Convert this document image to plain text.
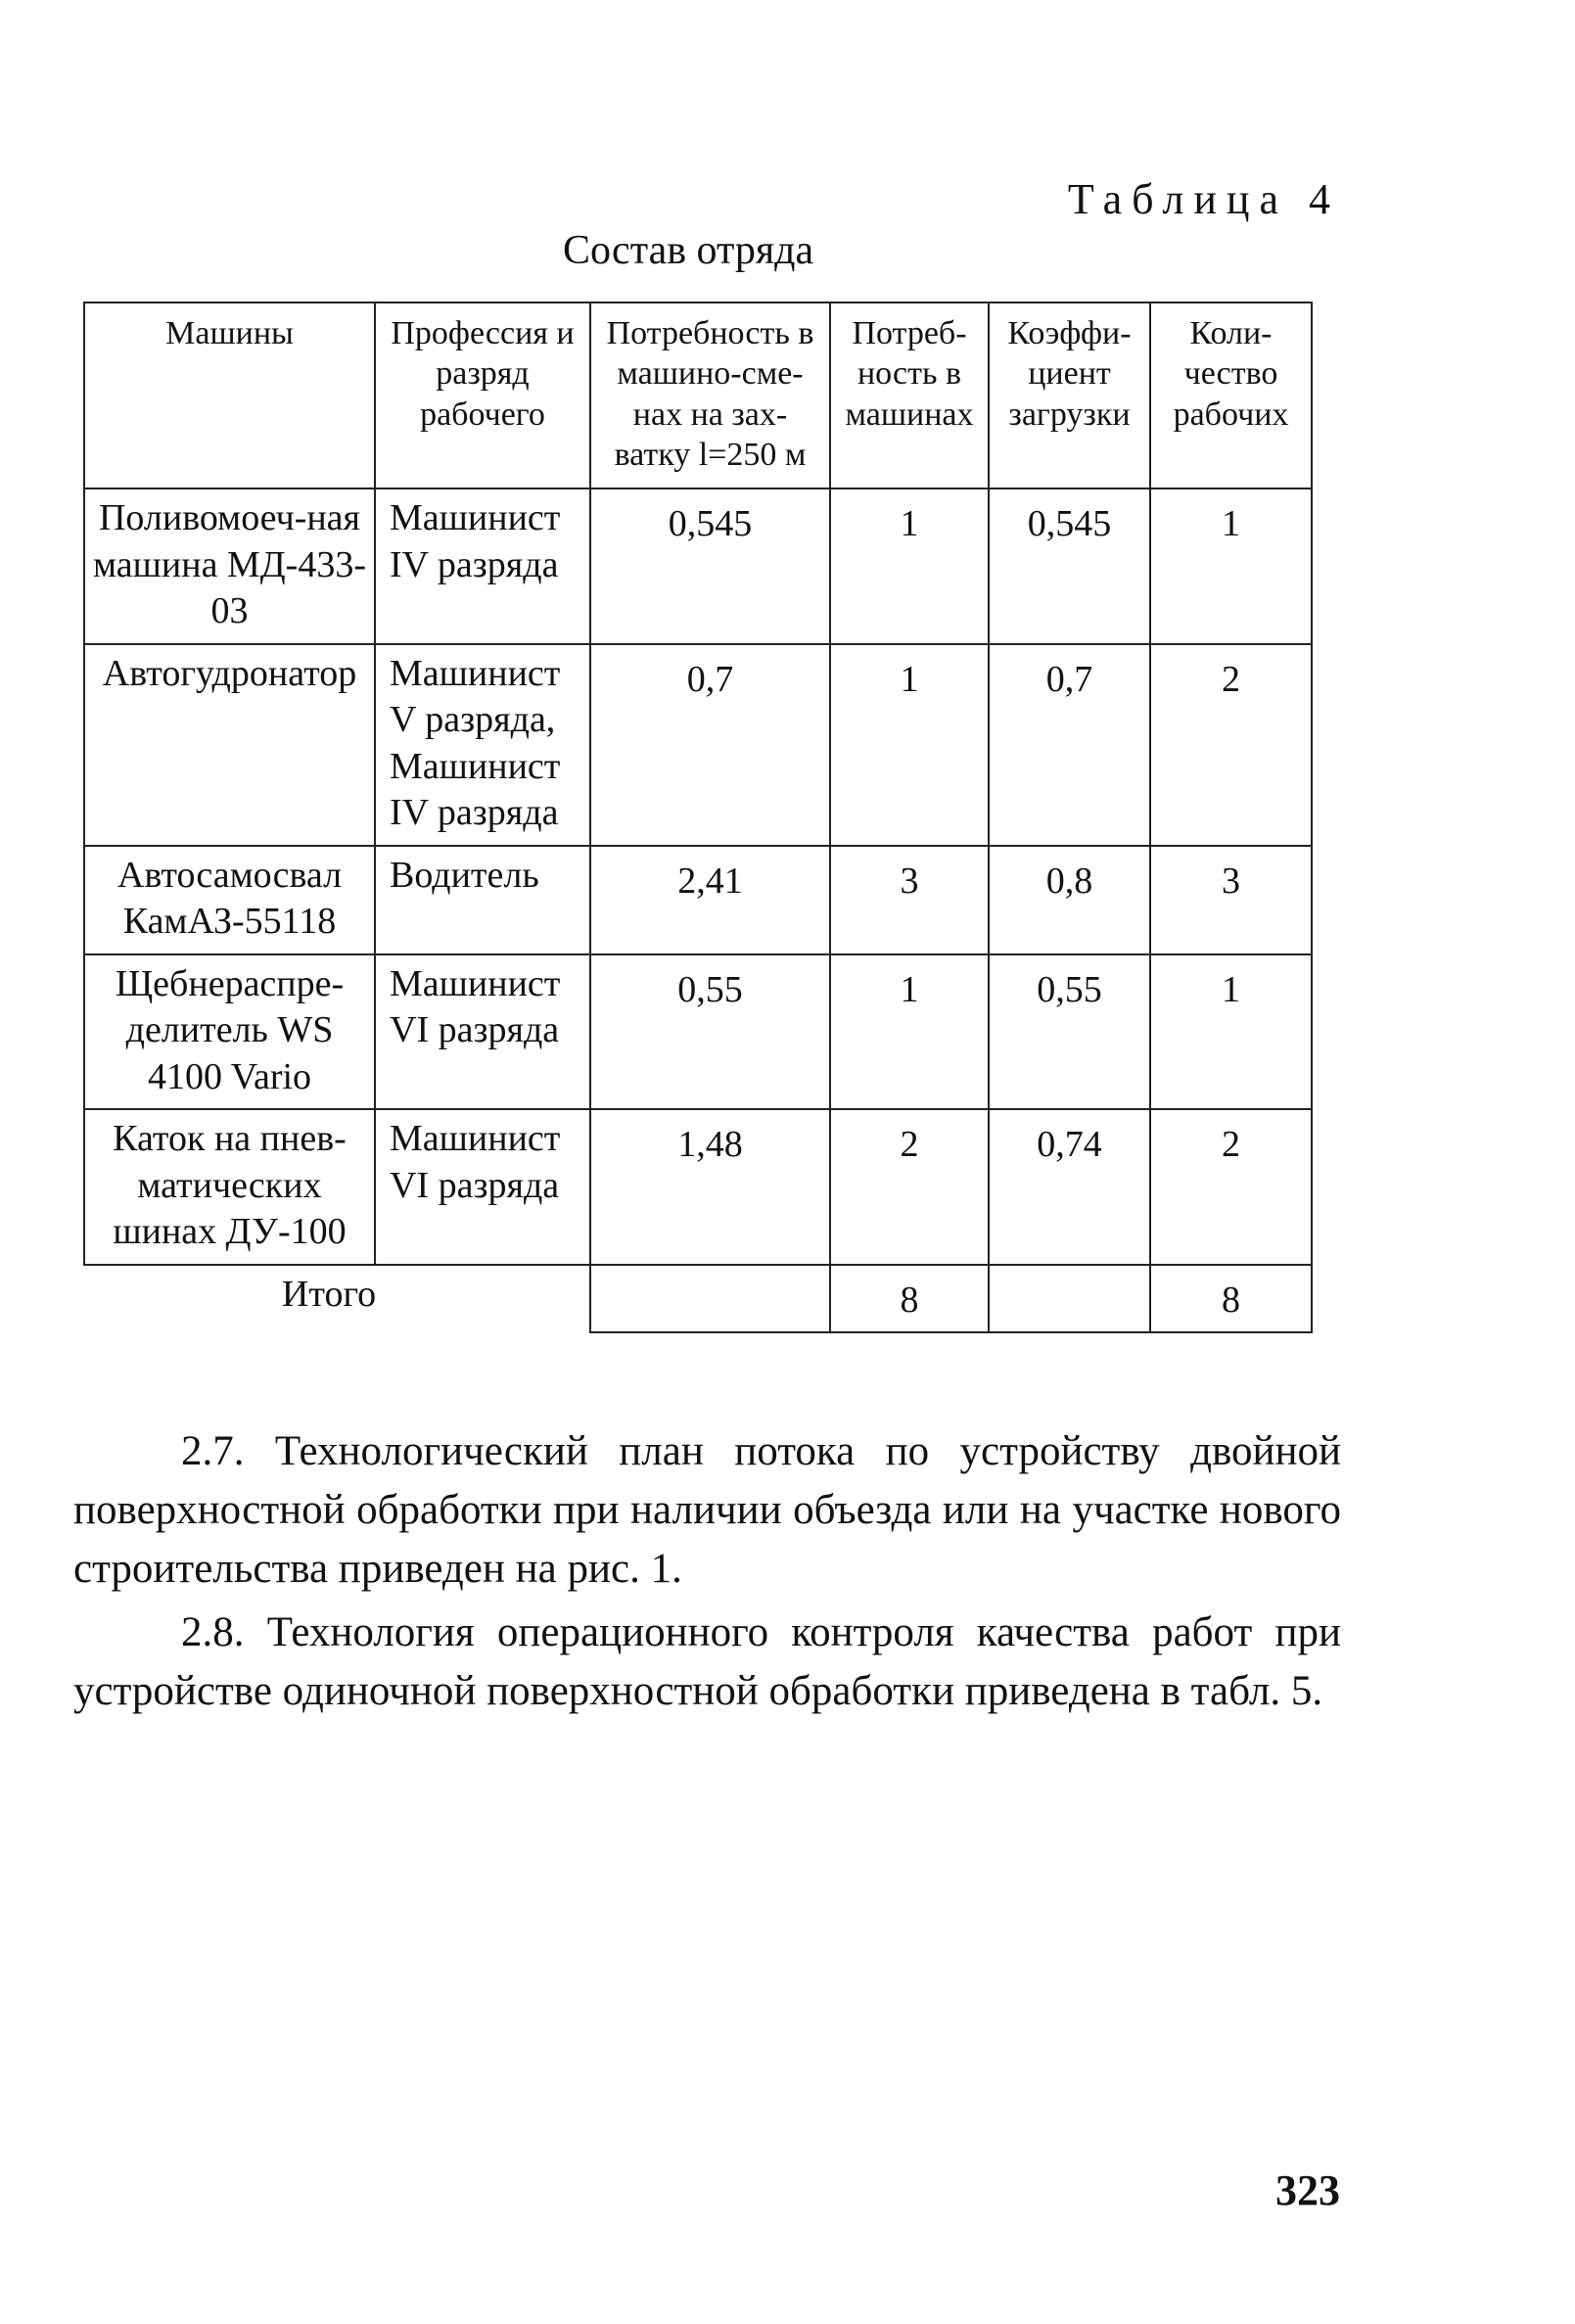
Таблица 4
Состав отряда
Машины	Профессия и разряд рабочего	Потребность в машино-сме-нах на зах-ватку l=250 м	Потреб-ность в машинах	Коэффи-циент загрузки	Коли-чество рабочих
Поливомоеч-ная машина МД-433-03	Машинист IV разряда	0,545	1	0,545	1
Автогудронатор	Машинист V разряда, Машинист IV разряда	0,7	1	0,7	2
Автосамосвал КамАЗ-55118	Водитель	2,41	3	0,8	3
Щебнераспре-делитель WS 4100 Vario	Машинист VI разряда	0,55	1	0,55	1
Каток на пнев-матических шинах ДУ-100	Машинист VI разряда	1,48	2	0,74	2
Итого			8		8

2.7. Технологический план потока по устройству двойной поверхностной обработки при наличии объезда или на участке нового строительства приведен на рис. 1.

2.8. Технология операционного контроля качества работ при устройстве одиночной поверхностной обработки приведена в табл. 5.

323
